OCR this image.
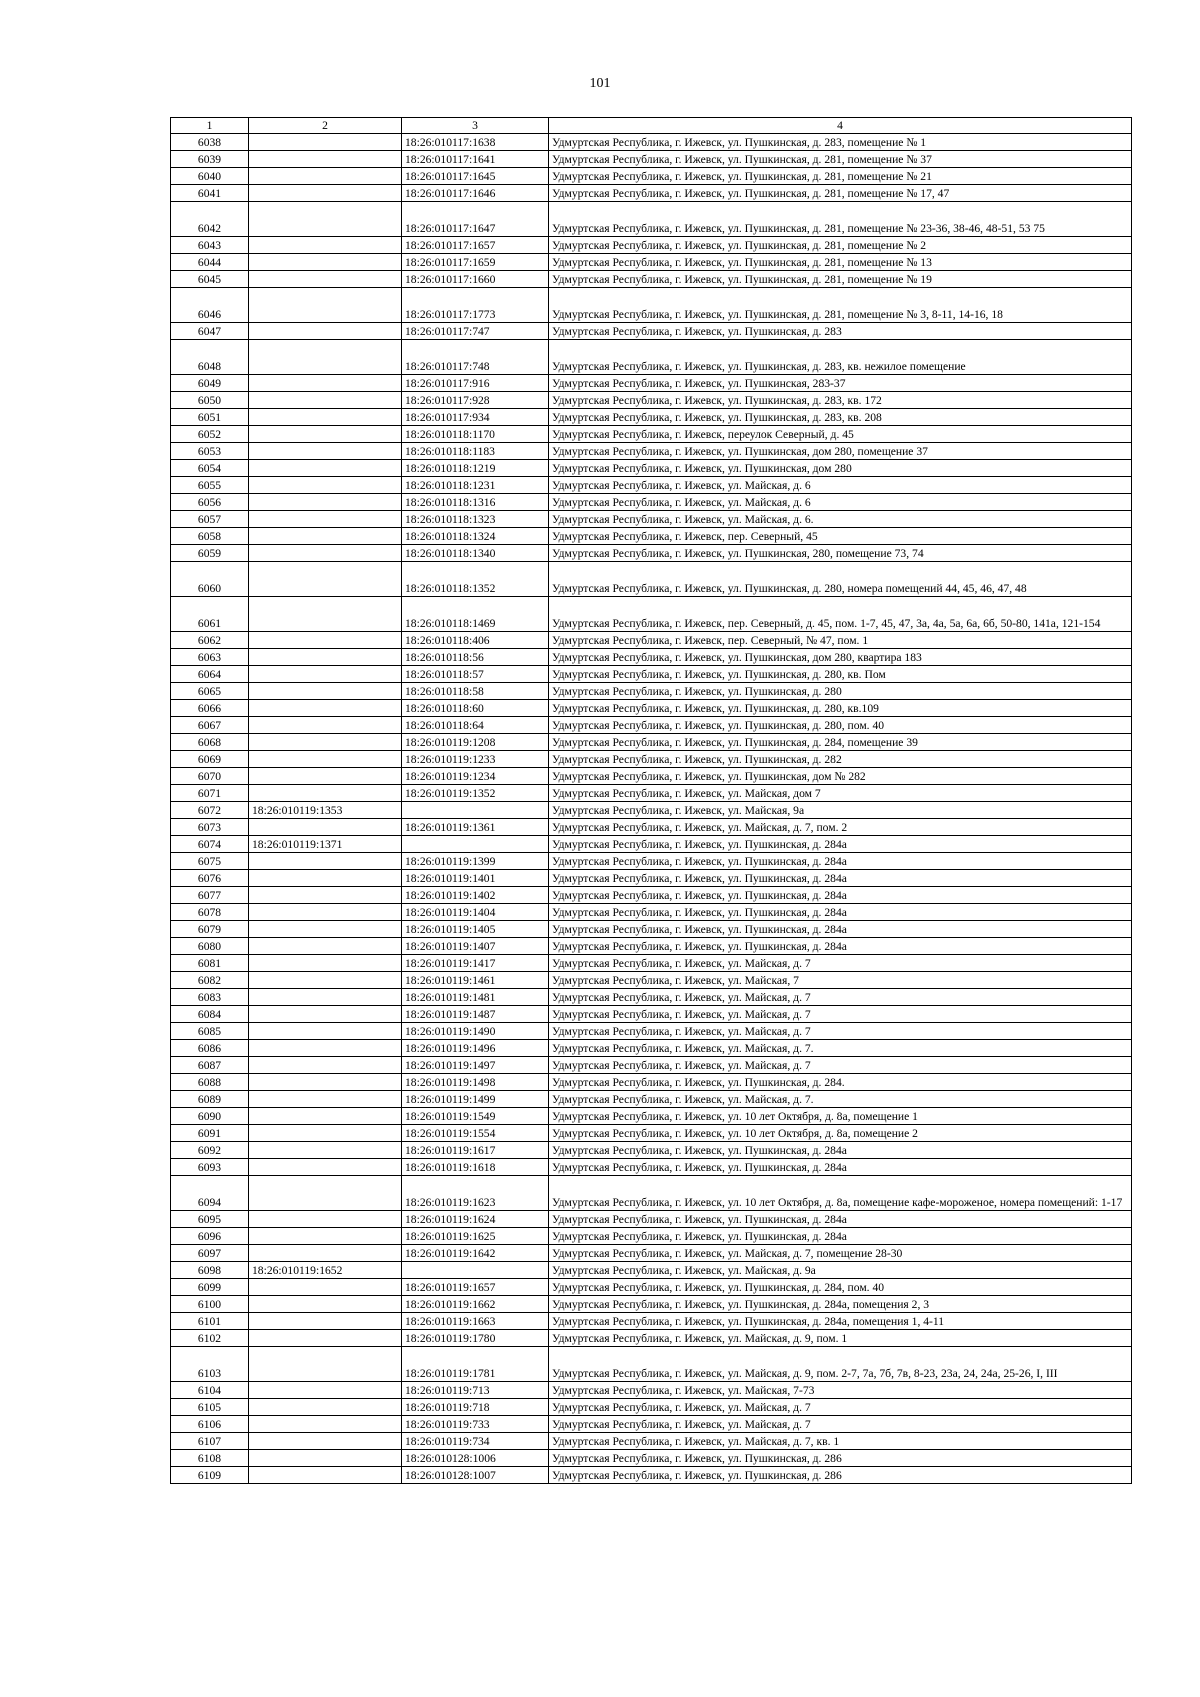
101
1	2	3	4
6038		18:26:010117:1638	Удмуртская Республика, г. Ижевск, ул. Пушкинская, д. 283, помещение № 1
6039		18:26:010117:1641	Удмуртская Республика, г. Ижевск, ул. Пушкинская, д. 281, помещение № 37
6040		18:26:010117:1645	Удмуртская Республика, г. Ижевск, ул. Пушкинская, д. 281, помещение № 21
6041		18:26:010117:1646	Удмуртская Республика, г. Ижевск, ул. Пушкинская, д. 281, помещение № 17, 47
6042		18:26:010117:1647	Удмуртская Республика, г. Ижевск, ул. Пушкинская, д. 281, помещение № 23-36, 38-46, 48-51, 53 75
6043		18:26:010117:1657	Удмуртская Республика, г. Ижевск, ул. Пушкинская, д. 281, помещение № 2
6044		18:26:010117:1659	Удмуртская Республика, г. Ижевск, ул. Пушкинская, д. 281, помещение № 13
6045		18:26:010117:1660	Удмуртская Республика, г. Ижевск, ул. Пушкинская, д. 281, помещение № 19
6046		18:26:010117:1773	Удмуртская Республика, г. Ижевск, ул. Пушкинская, д. 281, помещение № 3, 8-11, 14-16, 18
6047		18:26:010117:747	Удмуртская Республика, г. Ижевск, ул. Пушкинская, д. 283
6048		18:26:010117:748	Удмуртская Республика, г. Ижевск, ул. Пушкинская, д. 283, кв. нежилое помещение
6049		18:26:010117:916	Удмуртская Республика, г. Ижевск, ул. Пушкинская, 283-37
6050		18:26:010117:928	Удмуртская Республика, г. Ижевск, ул. Пушкинская, д. 283, кв. 172
6051		18:26:010117:934	Удмуртская Республика, г. Ижевск, ул. Пушкинская, д. 283, кв. 208
6052		18:26:010118:1170	Удмуртская Республика, г. Ижевск, переулок Северный, д. 45
6053		18:26:010118:1183	Удмуртская Республика, г. Ижевск, ул. Пушкинская, дом 280, помещение 37
6054		18:26:010118:1219	Удмуртская Республика, г. Ижевск, ул. Пушкинская, дом 280
6055		18:26:010118:1231	Удмуртская Республика, г. Ижевск, ул. Майская, д. 6
6056		18:26:010118:1316	Удмуртская Республика, г. Ижевск, ул. Майская, д. 6
6057		18:26:010118:1323	Удмуртская Республика, г. Ижевск, ул. Майская, д. 6.
6058		18:26:010118:1324	Удмуртская Республика, г. Ижевск, пер. Северный, 45
6059		18:26:010118:1340	Удмуртская Республика, г. Ижевск, ул. Пушкинская, 280, помещение 73, 74
6060		18:26:010118:1352	Удмуртская Республика, г. Ижевск, ул. Пушкинская, д. 280, номера помещений 44, 45, 46, 47, 48
6061		18:26:010118:1469	Удмуртская Республика, г. Ижевск, пер. Северный, д. 45, пом. 1-7, 45, 47, 3а, 4а, 5а, 6а, 6б, 50-80, 141а, 121-154
6062		18:26:010118:406	Удмуртская Республика, г. Ижевск, пер. Северный, № 47, пом. 1
6063		18:26:010118:56	Удмуртская Республика, г. Ижевск, ул. Пушкинская, дом 280, квартира 183
6064		18:26:010118:57	Удмуртская Республика, г. Ижевск, ул. Пушкинская, д. 280, кв. Пом
6065		18:26:010118:58	Удмуртская Республика, г. Ижевск, ул. Пушкинская, д. 280
6066		18:26:010118:60	Удмуртская Республика, г. Ижевск, ул. Пушкинская, д. 280, кв.109
6067		18:26:010118:64	Удмуртская Республика, г. Ижевск, ул. Пушкинская, д. 280, пом. 40
6068		18:26:010119:1208	Удмуртская Республика, г. Ижевск, ул. Пушкинская, д. 284, помещение 39
6069		18:26:010119:1233	Удмуртская Республика, г. Ижевск, ул. Пушкинская, д. 282
6070		18:26:010119:1234	Удмуртская Республика, г. Ижевск, ул. Пушкинская, дом № 282
6071		18:26:010119:1352	Удмуртская Республика, г. Ижевск, ул. Майская, дом 7
6072	18:26:010119:1353		Удмуртская Республика, г. Ижевск, ул. Майская, 9а
6073		18:26:010119:1361	Удмуртская Республика, г. Ижевск, ул. Майская, д. 7, пом. 2
6074	18:26:010119:1371		Удмуртская Республика, г. Ижевск, ул. Пушкинская, д. 284а
6075		18:26:010119:1399	Удмуртская Республика, г. Ижевск, ул. Пушкинская, д. 284а
6076		18:26:010119:1401	Удмуртская Республика, г. Ижевск, ул. Пушкинская, д. 284а
6077		18:26:010119:1402	Удмуртская Республика, г. Ижевск, ул. Пушкинская, д. 284а
6078		18:26:010119:1404	Удмуртская Республика, г. Ижевск, ул. Пушкинская, д. 284а
6079		18:26:010119:1405	Удмуртская Республика, г. Ижевск, ул. Пушкинская, д. 284а
6080		18:26:010119:1407	Удмуртская Республика, г. Ижевск, ул. Пушкинская, д. 284а
6081		18:26:010119:1417	Удмуртская Республика, г. Ижевск, ул. Майская, д. 7
6082		18:26:010119:1461	Удмуртская Республика, г. Ижевск, ул. Майская, 7
6083		18:26:010119:1481	Удмуртская Республика, г. Ижевск, ул. Майская, д. 7
6084		18:26:010119:1487	Удмуртская Республика, г. Ижевск, ул. Майская, д. 7
6085		18:26:010119:1490	Удмуртская Республика, г. Ижевск, ул. Майская, д. 7
6086		18:26:010119:1496	Удмуртская Республика, г. Ижевск, ул. Майская, д. 7.
6087		18:26:010119:1497	Удмуртская Республика, г. Ижевск, ул. Майская, д. 7
6088		18:26:010119:1498	Удмуртская Республика, г. Ижевск, ул. Пушкинская, д. 284.
6089		18:26:010119:1499	Удмуртская Республика, г. Ижевск, ул. Майская, д. 7.
6090		18:26:010119:1549	Удмуртская Республика, г. Ижевск, ул. 10 лет Октября, д. 8а, помещение 1
6091		18:26:010119:1554	Удмуртская Республика, г. Ижевск, ул. 10 лет Октября, д. 8а, помещение 2
6092		18:26:010119:1617	Удмуртская Республика, г. Ижевск, ул. Пушкинская, д. 284а
6093		18:26:010119:1618	Удмуртская Республика, г. Ижевск, ул. Пушкинская, д. 284а
6094		18:26:010119:1623	Удмуртская Республика, г. Ижевск, ул. 10 лет Октября, д. 8а, помещение кафе-мороженое, номера помещений: 1-17
6095		18:26:010119:1624	Удмуртская Республика, г. Ижевск, ул. Пушкинская, д. 284а
6096		18:26:010119:1625	Удмуртская Республика, г. Ижевск, ул. Пушкинская, д. 284а
6097		18:26:010119:1642	Удмуртская Республика, г. Ижевск, ул. Майская, д. 7, помещение 28-30
6098	18:26:010119:1652		Удмуртская Республика, г. Ижевск, ул. Майская, д. 9а
6099		18:26:010119:1657	Удмуртская Республика, г. Ижевск, ул. Пушкинская, д. 284, пом. 40
6100		18:26:010119:1662	Удмуртская Республика, г. Ижевск, ул. Пушкинская, д. 284а, помещения 2, 3
6101		18:26:010119:1663	Удмуртская Республика, г. Ижевск, ул. Пушкинская, д. 284а, помещения 1, 4-11
6102		18:26:010119:1780	Удмуртская Республика, г. Ижевск, ул. Майская, д. 9, пом. 1
6103		18:26:010119:1781	Удмуртская Республика, г. Ижевск, ул. Майская, д. 9, пом. 2-7, 7а, 7б, 7в, 8-23, 23а, 24, 24а, 25-26, I, III
6104		18:26:010119:713	Удмуртская Республика, г. Ижевск, ул. Майская, 7-73
6105		18:26:010119:718	Удмуртская Республика, г. Ижевск, ул. Майская, д. 7
6106		18:26:010119:733	Удмуртская Республика, г. Ижевск, ул. Майская, д. 7
6107		18:26:010119:734	Удмуртская Республика, г. Ижевск, ул. Майская, д. 7, кв. 1
6108		18:26:010128:1006	Удмуртская Республика, г. Ижевск, ул. Пушкинская, д. 286
6109		18:26:010128:1007	Удмуртская Республика, г. Ижевск, ул. Пушкинская, д. 286
